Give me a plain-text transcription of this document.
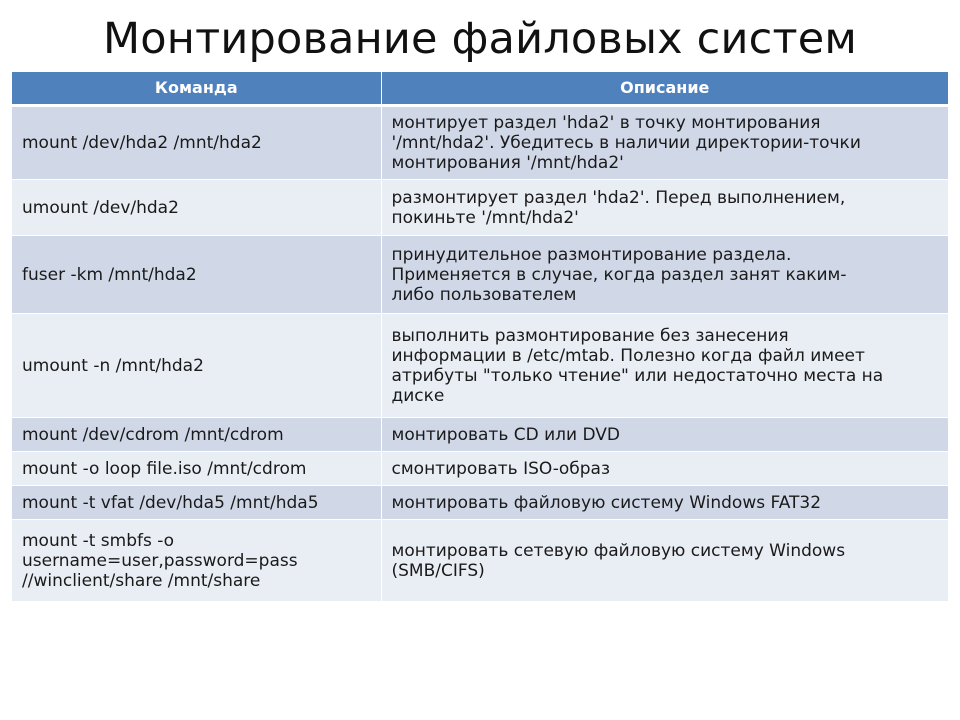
Монтирование файловых систем
Команда	Описание
mount /dev/hda2 /mnt/hda2	монтирует раздел 'hda2' в точку монтирования
'/mnt/hda2'. Убедитесь в наличии директории-точки
монтирования '/mnt/hda2'
umount /dev/hda2	размонтирует раздел 'hda2'. Перед выполнением,
покиньте '/mnt/hda2'
fuser -km /mnt/hda2	принудительное размонтирование раздела.
Применяется в случае, когда раздел занят каким-
либо пользователем
umount -n /mnt/hda2	выполнить размонтирование без занесения
информации в /etc/mtab. Полезно когда файл имеет
атрибуты "только чтение" или недостаточно места на
диске
mount /dev/cdrom /mnt/cdrom	монтировать CD или DVD
mount -o loop file.iso /mnt/cdrom	смонтировать ISO-образ
mount -t vfat /dev/hda5 /mnt/hda5	монтировать файловую систему Windows FAT32
mount -t smbfs -o
username=user,password=pass
//winclient/share /mnt/share	монтировать сетевую файловую систему Windows
(SMB/CIFS)
